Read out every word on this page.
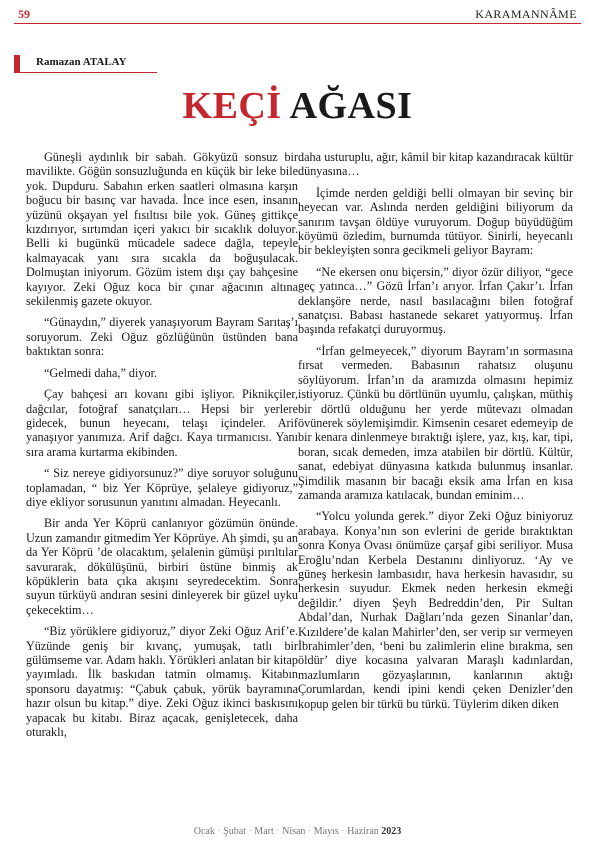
59	KARAMANNÂME
Ramazan ATALAY
KEÇİ AĞASI

Güneşli aydınlık bir sabah. Gökyüzü sonsuz bir mavilikte. Göğün sonsuzluğunda en küçük bir leke bile yok. Dupduru. Sabahın erken saatleri olmasına karşın boğucu bir basınç var havada. İnce ince esen, insanın yüzünü okşayan yel fısıltısı bile yok. Güneş gittikçe kızdırıyor, sırtımdan içeri yakıcı bir sıcaklık doluyor. Belli ki bugünkü mücadele sadece dağla, tepeyle kalmayacak yanı sıra sıcakla da boğuşulacak. Dolmuştan iniyorum. Gözüm istem dışı çay bahçesine kayıyor. Zeki Oğuz koca bir çınar ağacının altına sekilenmiş gazete okuyor.

“Günaydın,” diyerek yanaşıyorum Bayram Sarıtaş’ı soruyorum. Zeki Oğuz gözlüğünün üstünden bana baktıktan sonra:

“Gelmedi daha,” diyor.

Çay bahçesi arı kovanı gibi işliyor. Piknikçiler, dağcılar, fotoğraf sanatçıları… Hepsi bir yerlere gidecek, bunun heyecanı, telaşı içindeler. Arif yanaşıyor yanımıza. Arif dağcı. Kaya tırmanıcısı. Yanı sıra arama kurtarma ekibinden.

“ Siz nereye gidiyorsunuz?” diye soruyor soluğunu toplamadan, “ biz Yer Köprüye, şelaleye gidiyoruz,” diye ekliyor sorusunun yanıtını almadan. Heyecanlı.

Bir anda Yer Köprü canlanıyor gözümün önünde. Uzun zamandır gitmedim Yer Köprüye. Ah şimdi, şu an da Yer Köprü ’de olacaktım, şelalenin gümüşi pırıltılar savurarak, dökülüşünü, birbiri üstüne binmiş ak köpüklerin bata çıka akışını seyredecektim. Sonra suyun türküyü andıran sesini dinleyerek bir güzel uyku çekecektim…

“Biz yörüklere gidiyoruz,” diyor Zeki Oğuz Arif’e. Yüzünde geniş bir kıvanç, yumuşak, tatlı bir gülümseme var. Adam haklı. Yörükleri anlatan bir kitap yayımladı. İlk baskıdan tatmin olmamış. Kitabın sponsoru dayatmış: “Çabuk çabuk, yörük bayramına hazır olsun bu kitap.” diye. Zeki Oğuz ikinci baskısını yapacak bu kitabı. Biraz açacak, genişletecek, daha oturaklı,

daha usturuplu, ağır, kâmil bir kitap kazandıracak kültür dünyasına…

İçimde nerden geldiği belli olmayan bir sevinç bir heyecan var. Aslında nerden geldiğini biliyorum da sanırım tavşan öldüye vuruyorum. Doğup büyüdüğüm köyümü özledim, burnumda tütüyor. Sinirli, heyecanlı bir bekleyişten sonra gecikmeli geliyor Bayram:

“Ne ekersen onu biçersin,” diyor özür diliyor, “gece geç yatınca…” Gözü İrfan’ı arıyor. İrfan Çakır’ı. İrfan deklanşöre nerde, nasıl basılacağını bilen fotoğraf sanatçısı. Babası hastanede sekaret yatıyormuş. İrfan başında refakatçi duruyormuş.

“İrfan gelmeyecek,” diyorum Bayram’ın sormasına fırsat vermeden. Babasının rahatsız oluşunu söylüyorum. İrfan’ın da aramızda olmasını hepimiz istiyoruz. Çünkü bu dörtlünün uyumlu, çalışkan, müthiş bir dörtlü olduğunu her yerde mütevazı olmadan övünerek söylemişimdir. Kimsenin cesaret edemeyip de bir kenara dinlenmeye bıraktığı işlere, yaz, kış, kar, tipi, boran, sıcak demeden, imza atabilen bir dörtlü. Kültür, sanat, edebiyat dünyasına katkıda bulunmuş insanlar. Şimdilik masanın bir bacağı eksik ama İrfan en kısa zamanda aramıza katılacak, bundan eminim…

“Yolcu yolunda gerek.” diyor Zeki Oğuz biniyoruz arabaya. Konya’nın son evlerini de geride bıraktıktan sonra Konya Ovası önümüze çarşaf gibi seriliyor. Musa Eroğlu’ndan Kerbela Destanını dinliyoruz. ‘Ay ve güneş herkesin lambasıdır, hava herkesin havasıdır, su herkesin suyudur. Ekmek neden herkesin ekmeği değildir.’ diyen Şeyh Bedreddin’den, Pir Sultan Abdal’dan, Nurhak Dağları’nda gezen Sinanlar’dan, Kızıldere’de kalan Mahirler’den, ser verip sır vermeyen İbrahimler’den, ‘beni bu zalimlerin eline bırakma, sen öldür’ diye kocasına yalvaran Maraşlı kadınlardan, mazlumların gözyaşlarının, kanlarının aktığı Çorumlardan, kendi ipini kendi çeken Denizler’den kopup gelen bir türkü bu türkü. Tüylerim diken diken

Ocak · Şubat · Mart · Nisan · Mayıs · Haziran 2023
